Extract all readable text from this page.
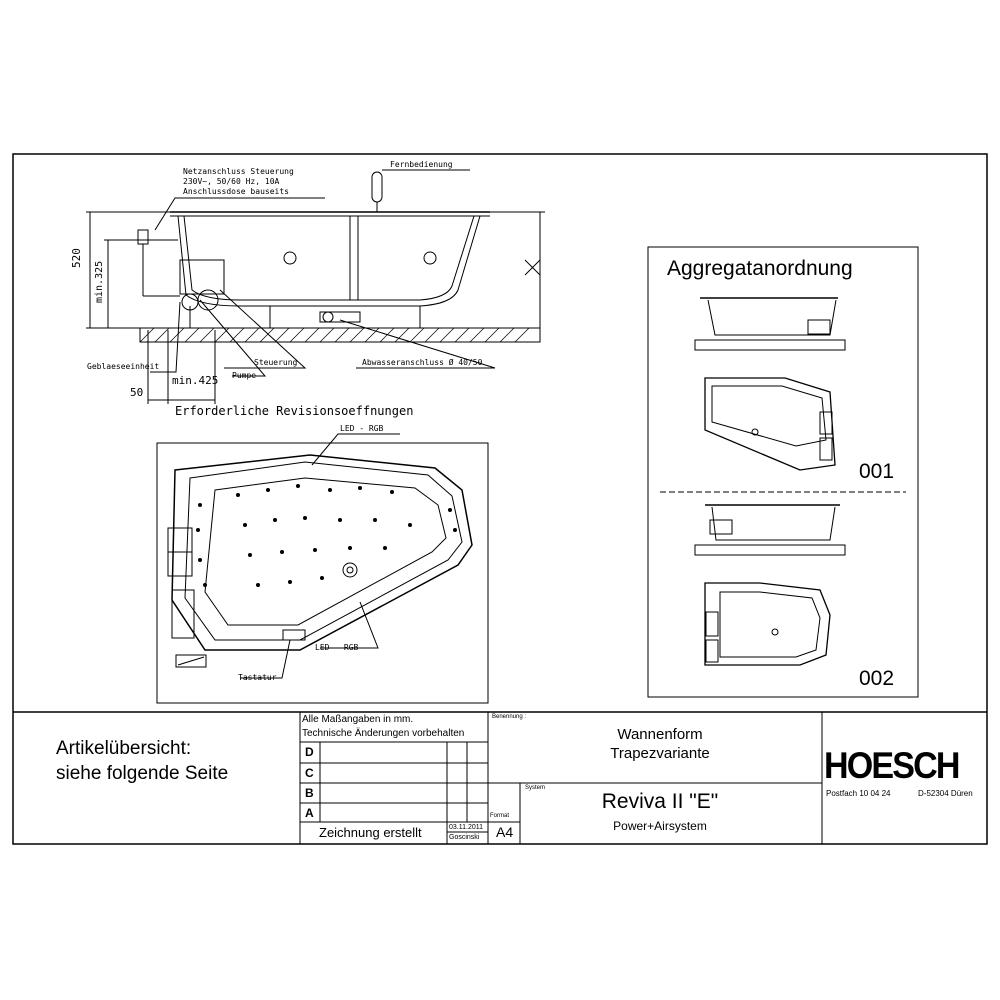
Netzanschluss Steuerung
230V~, 50/60 Hz, 10A
Anschlussdose bauseits
Fernbedienung
520
min.325
Geblaeseeinheit	Steuerung
Pumpe
Abwasseranschluss Ø 40/50
50
min.425
Erforderliche Revisionsoeffnungen
LED - RGB
LED - RGB
Tastatur
Aggregatanordnung
001
002
Artikelübersicht:
siehe folgende Seite
Alle Maßangaben in mm.
Technische Änderungen vorbehalten
D
C
B
A
Zeichnung erstellt	03.11.2011
Goscinski
Format
A4
Benennung :
Wannenform
Trapezvariante
System
Reviva II "E"
Power+Airsystem
HOESCH
Postfach 10 04 24	D-52304 Düren
